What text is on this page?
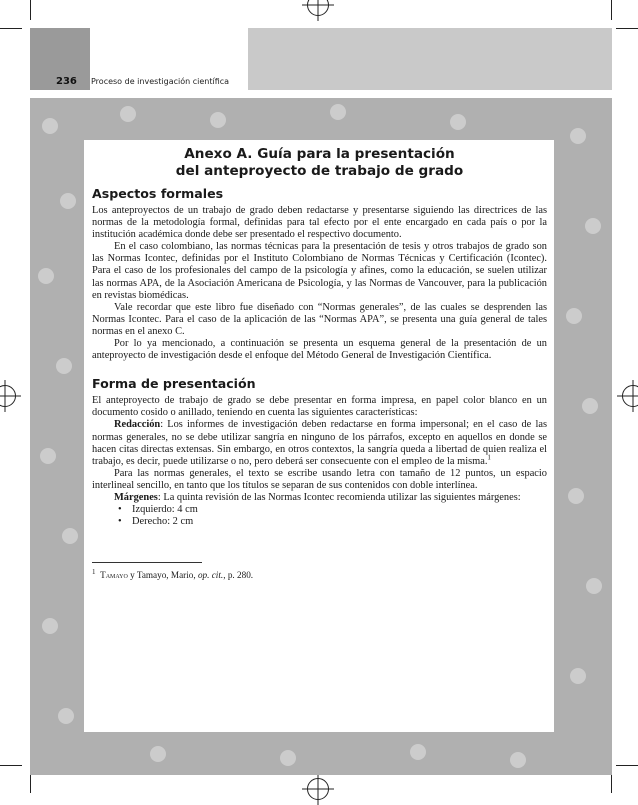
236 Proceso de investigación científica
Anexo A. Guía para la presentación
del anteproyecto de trabajo de grado
Aspectos formales

Los anteproyectos de un trabajo de grado deben redactarse y presentarse siguiendo las directrices de las normas de la metodología formal, definidas para tal efecto por el ente encargado en cada país o por la institución académica donde debe ser presentado el respectivo documento.

En el caso colombiano, las normas técnicas para la presentación de tesis y otros trabajos de grado son las Normas Icontec, definidas por el Instituto Colombiano de Normas Técnicas y Certificación (Icontec). Para el caso de los profesionales del campo de la psicología y afines, como la educación, se suelen utilizar las normas APA, de la Asociación Americana de Psicología, y las Normas de Vancouver, para la publicación en revistas biomédicas.

Vale recordar que este libro fue diseñado con “Normas generales”, de las cuales se desprenden las Normas Icontec. Para el caso de la aplicación de las “Normas APA”, se presenta una guía general de tales normas en el anexo C.

Por lo ya mencionado, a continuación se presenta un esquema general de la presentación de un anteproyecto de investigación desde el enfoque del Método General de Investigación Científica.

Forma de presentación

El anteproyecto de trabajo de grado se debe presentar en forma impresa, en papel color blanco en un documento cosido o anillado, teniendo en cuenta las siguientes características:

Redacción: Los informes de investigación deben redactarse en forma impersonal; en el caso de las normas generales, no se debe utilizar sangría en ninguno de los párrafos, excepto en aquellos en donde se hacen citas directas extensas. Sin embargo, en otros contextos, la sangría queda a libertad de quien realiza el trabajo, es decir, puede utilizarse o no, pero deberá ser consecuente con el empleo de la misma.$^1$

Para las normas generales, el texto se escribe usando letra con tamaño de 12 puntos, un espacio interlineal sencillo, en tanto que los títulos se separan de sus contenidos con doble interlínea.

Márgenes: La quinta revisión de las Normas Icontec recomienda utilizar las siguientes márgenes:

• Izquierdo: 4 cm
• Derecho: 2 cm
$^1$ Tamayo y Tamayo, Mario, op. cit., p. 280.
